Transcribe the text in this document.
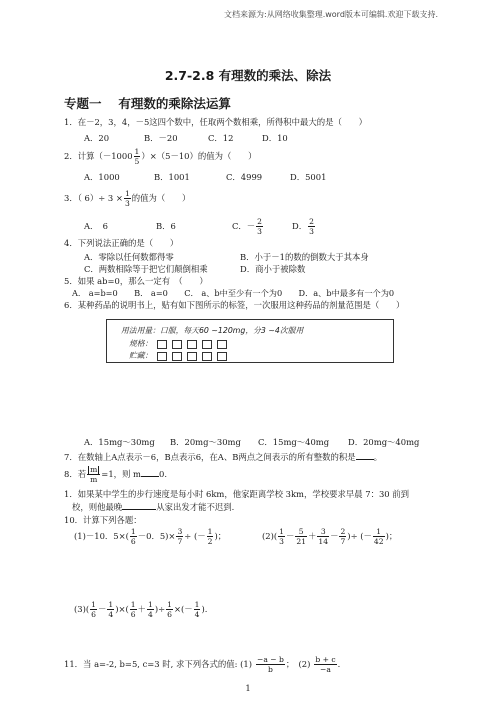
文档来源为:从网络收集整理.word版本可编辑.欢迎下载支持.
2.7-2.8 有理数的乘法、除法
专题一　 有理数的乘除法运算
1．在－2，3，4，－5这四个数中，任取两个数相乘，所得积中最大的是（　　）
A．20	B．－20	C．12	D．10
2．计算$(-1000 \frac{1}{5} )\times(5-10)$的值为（　　）
A．1000	B．1001	C．4999	D．5001
3．（ $6)\div 3 \times \frac{1}{3}$ 的值为（　　）
A．　6	B．6	C．－ $\frac{2}{3}$	D． $\frac{2}{3}$
4．下列说法正确的是（　　）
A．零除以任何数都得零	B．小于－1的数的倒数大于其本身
C．两数相除等于把它们颠倒相乘	D．商小于被除数
5．如果 ab=0，那么一定有　（　　）
A． a=b=0　　B． a=0　　C． a、b中至少有一个为0　　D．a、b中最多有一个为0
6．某种药品的说明书上，贴有如下图所示的标签，一次服用这种药品的剂量范围是（　　）
用法用量：口服，每天60 ~120mg，分3 ~4次服用
规格：
贮藏：
A．15mg～30mg B．20mg～30mg C．15mg～40mg D．20mg～40mg
7．在数轴上A点表示－6，B点表示6，在A、B两点之间表示的所有整数的积是 。
8．若 $\frac{m}{m} =1$，则 m 0.
1．如果某中学生的步行速度是每小时 6km，他家距离学校 3km，学校要求早晨 7：30 前到
校，则他最晚	从家出发才能不迟到.
10．计算下列各题：
(1)－10．$5\times( \frac{1}{6} -0$．$5)\times \frac{3}{7}$ ÷ (－ $\frac{1}{2}$ )；	$(2)( \frac{1}{3} - \frac{5}{21} + \frac{3}{14} - \frac{2}{7}$ )÷ (－ $\frac{1}{42}$ )；
$(3)( \frac{1}{6} - \frac{1}{4}$ )×( $\frac{1}{6} + \frac{1}{4}$ )÷ $\frac{1}{6}$ ×(－ $\frac{1}{4}$ ).
11．当 a=-2, b=5, c=3 时, 求下列各式的值: $(1) \frac{-a - b}{b}$ ；　$(2) \frac{b + c}{-a}$ .
1
